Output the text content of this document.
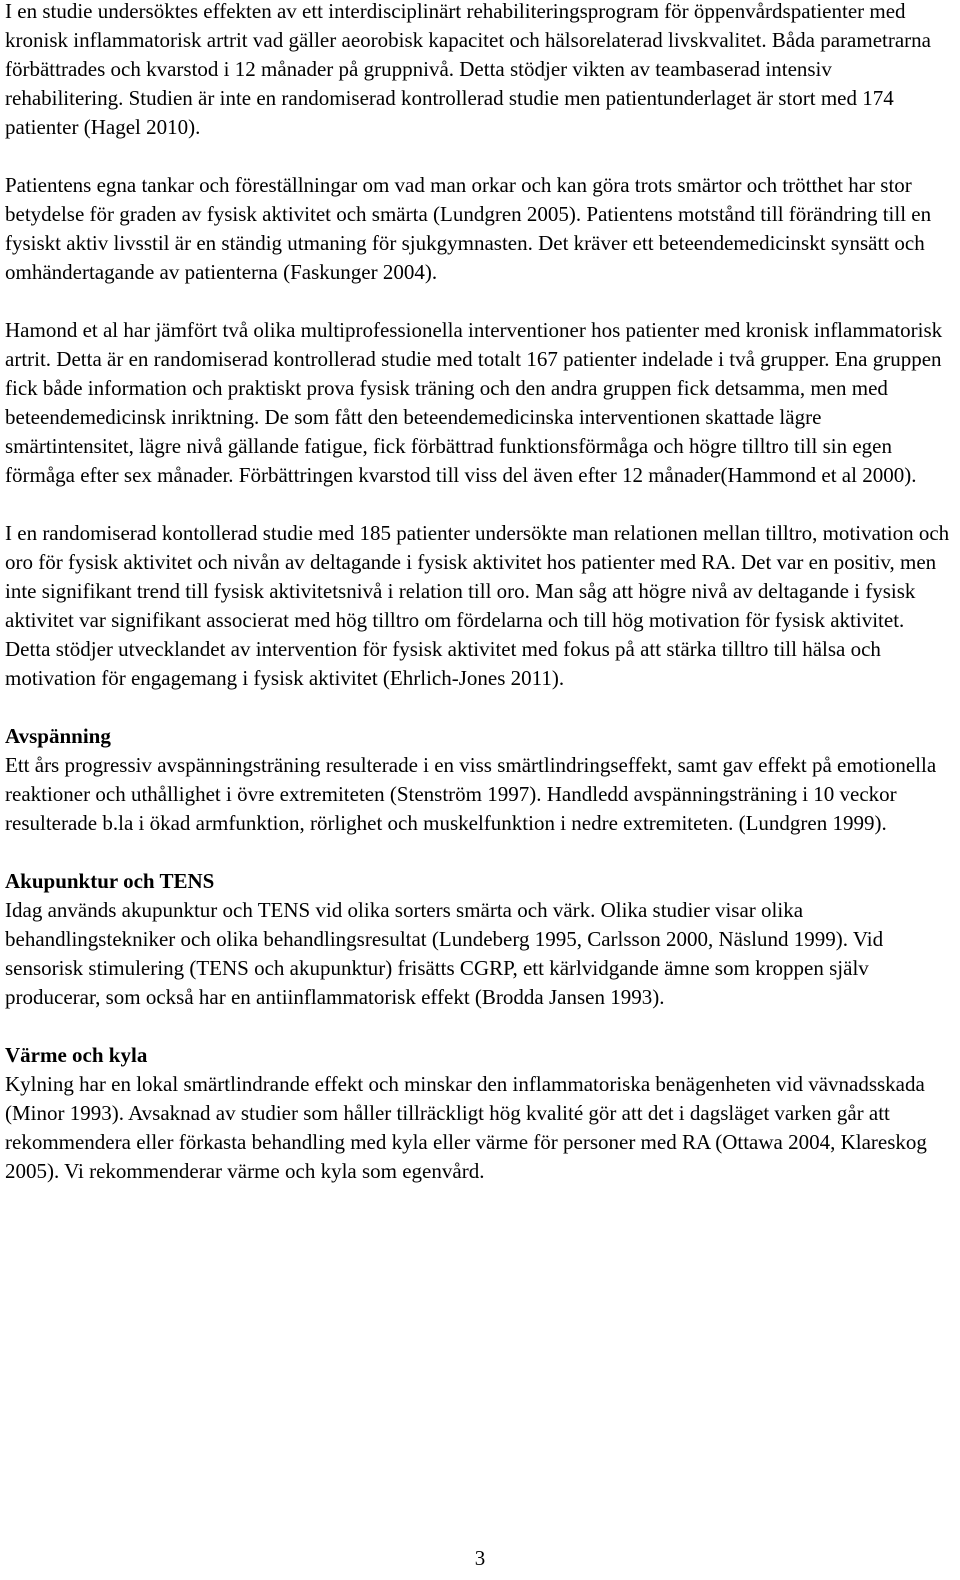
I en studie undersöktes effekten av ett interdisciplinärt rehabiliteringsprogram för öppenvårdspatienter med kronisk inflammatorisk artrit vad gäller aeorobisk kapacitet och hälsorelaterad livskvalitet. Båda parametrarna förbättrades och kvarstod i 12 månader på gruppnivå. Detta stödjer vikten av teambaserad intensiv rehabilitering. Studien är inte en randomiserad kontrollerad studie men patientunderlaget är stort med 174 patienter (Hagel 2010).

Patientens egna tankar och föreställningar om vad man orkar och kan göra trots smärtor och trötthet har stor betydelse för graden av fysisk aktivitet och smärta (Lundgren 2005). Patientens motstånd till förändring till en fysiskt aktiv livsstil är en ständig utmaning för sjukgymnasten. Det kräver ett beteendemedicinskt synsätt och omhändertagande av patienterna (Faskunger 2004).

Hamond et al har jämfört två olika multiprofessionella interventioner hos patienter med kronisk inflammatorisk artrit. Detta är en randomiserad kontrollerad studie med totalt 167 patienter indelade i två grupper. Ena gruppen fick både information och praktiskt prova fysisk träning och den andra gruppen fick detsamma, men med beteendemedicinsk inriktning. De som fått den beteendemedicinska interventionen skattade lägre smärtintensitet, lägre nivå gällande fatigue, fick förbättrad funktionsförmåga och högre tilltro till sin egen förmåga efter sex månader. Förbättringen kvarstod till viss del även efter 12 månader(Hammond et al 2000).

I en randomiserad kontollerad studie med 185 patienter undersökte man relationen mellan tilltro, motivation och oro för fysisk aktivitet och nivån av deltagande i fysisk aktivitet hos patienter med RA. Det var en positiv, men inte signifikant trend till fysisk aktivitetsnivå i relation till oro. Man såg att högre nivå av deltagande i fysisk aktivitet var signifikant associerat med hög tilltro om fördelarna och till hög motivation för fysisk aktivitet. Detta stödjer utvecklandet av intervention för fysisk aktivitet med fokus på att stärka tilltro till hälsa och motivation för engagemang i fysisk aktivitet (Ehrlich-Jones 2011).

Avspänning
Ett års progressiv avspänningsträning resulterade i en viss smärtlindringseffekt, samt gav effekt på emotionella reaktioner och uthållighet i övre extremiteten (Stenström 1997). Handledd avspänningsträning i 10 veckor resulterade b.la i ökad armfunktion, rörlighet och muskelfunktion i nedre extremiteten. (Lundgren 1999).
Akupunktur och TENS
Idag används akupunktur och TENS vid olika sorters smärta och värk. Olika studier visar olika behandlingstekniker och olika behandlingsresultat (Lundeberg 1995, Carlsson 2000, Näslund 1999). Vid sensorisk stimulering (TENS och akupunktur) frisätts CGRP, ett kärlvidgande ämne som kroppen själv producerar, som också har en antiinflammatorisk effekt (Brodda Jansen 1993).
Värme och kyla
Kylning har en lokal smärtlindrande effekt och minskar den inflammatoriska benägenheten vid vävnadsskada (Minor 1993). Avsaknad av studier som håller tillräckligt hög kvalité gör att det i dagsläget varken går att rekommendera eller förkasta behandling med kyla eller värme för personer med RA (Ottawa 2004, Klareskog 2005). Vi rekommenderar värme och kyla som egenvård.
3
